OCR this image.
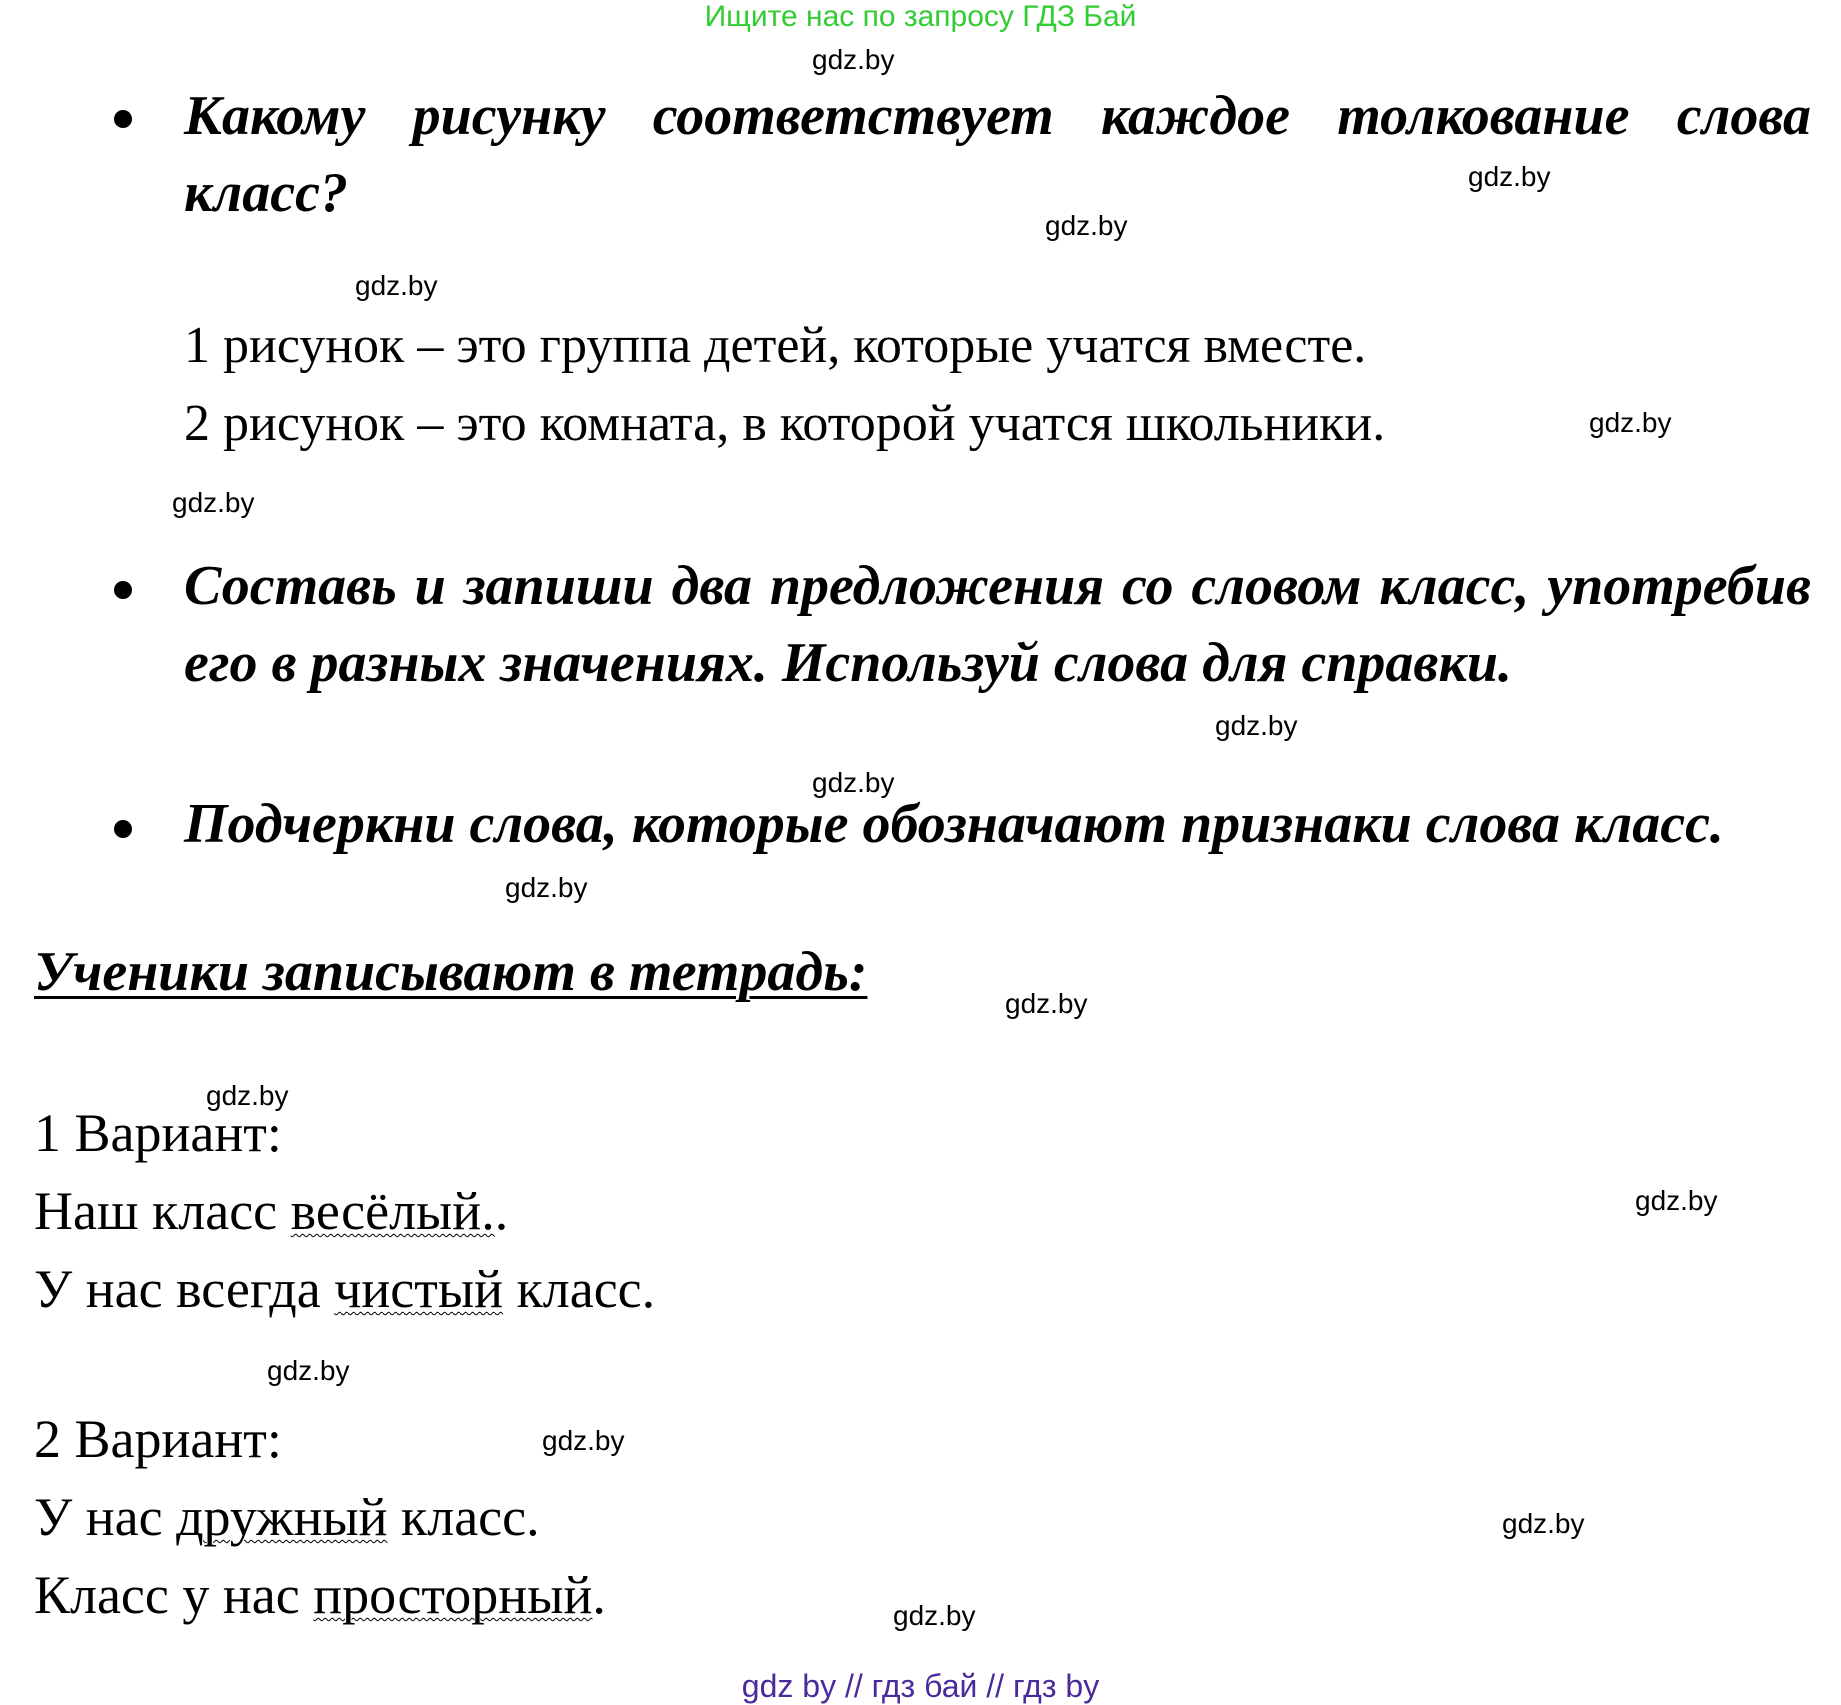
Ищите нас по запросу ГДЗ Бай
gdz.by
gdz.by
gdz.by
gdz.by
gdz.by
gdz.by
gdz.by
gdz.by
gdz.by
gdz.by
gdz.by
gdz.by
gdz.by
gdz.by
gdz.by
gdz.by
Какому рисунку соответствует каждое толкование слова класс?
1 рисунок – это группа детей, которые учатся вместе.
2 рисунок – это комната, в которой учатся школьники.
Составь и запиши два предложения со словом класс, употребив его в разных значениях. Используй слова для справки.
Подчеркни слова, которые обозначают признаки слова класс.
Ученики записывают в тетрадь:
1 Вариант:
Наш класс весёлый..
У нас всегда чистый класс.
2 Вариант:
У нас дружный класс.
Класс у нас просторный.
gdz by // гдз бай // гдз by
